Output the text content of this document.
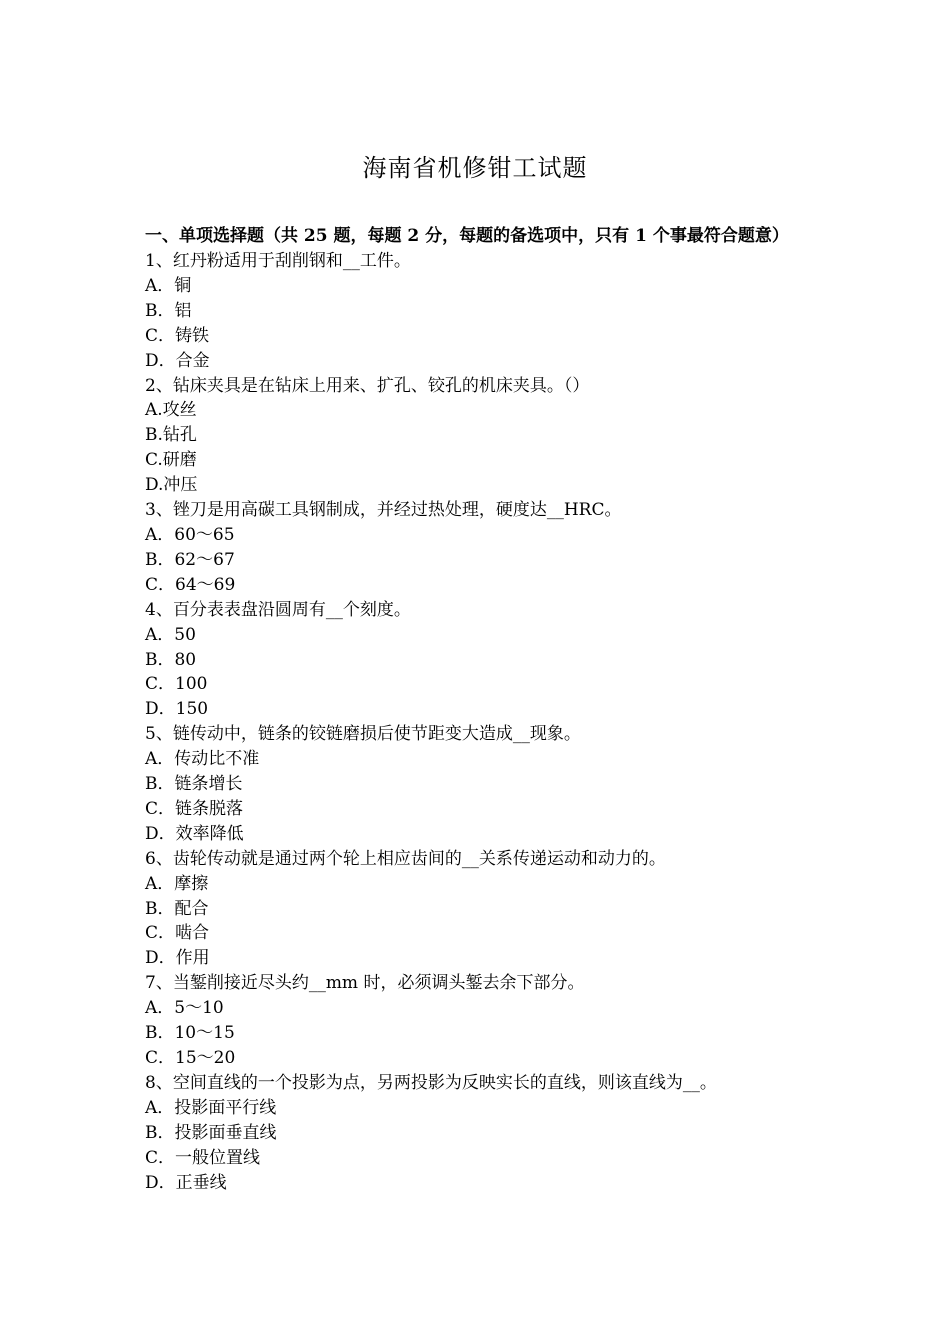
海南省机修钳工试题

一、单项选择题（共 25 题，每题 2 分，每题的备选项中，只有 1 个事最符合题意）

1、红丹粉适用于刮削钢和__工件。

A．铜

B．铝

C．铸铁

D．合金

2、钻床夹具是在钻床上用来、扩孔、铰孔的机床夹具。（）

A.攻丝

B.钻孔

C.研磨

D.冲压

3、锉刀是用高碳工具钢制成，并经过热处理，硬度达__HRC。

A．60～65

B．62～67

C．64～69

4、百分表表盘沿圆周有__个刻度。

A．50

B．80

C．100

D．150

5、链传动中，链条的铰链磨损后使节距变大造成__现象。

A．传动比不准

B．链条增长

C．链条脱落

D．效率降低

6、齿轮传动就是通过两个轮上相应齿间的__关系传递运动和动力的。

A．摩擦

B．配合

C．啮合

D．作用

7、当錾削接近尽头约__mm 时，必须调头錾去余下部分。

A．5～10

B．10～15

C．15～20

8、空间直线的一个投影为点，另两投影为反映实长的直线，则该直线为__。

A．投影面平行线

B．投影面垂直线

C．一般位置线

D．正垂线
